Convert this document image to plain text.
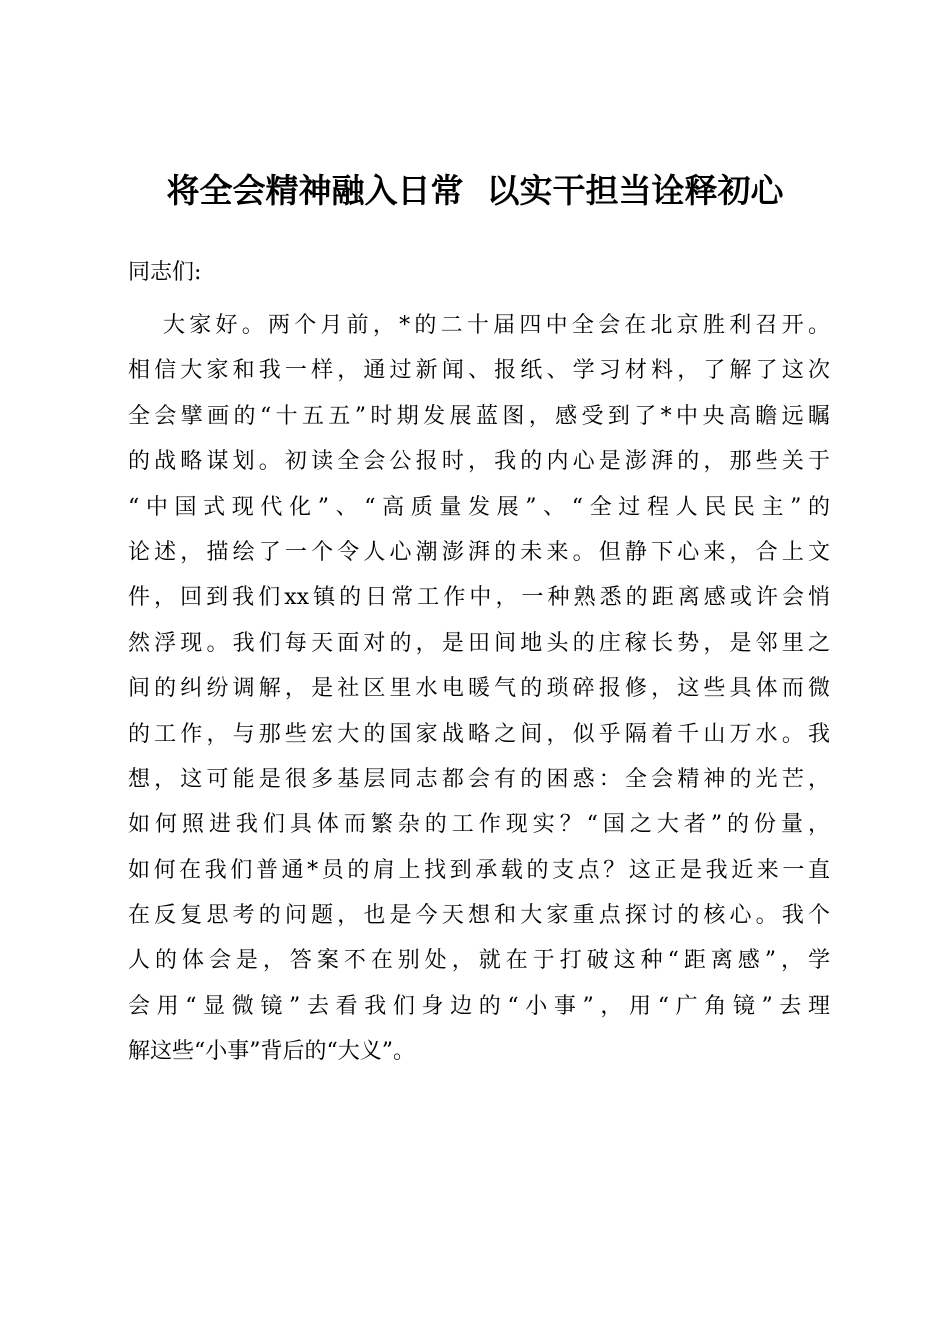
将全会精神融入日常  以实干担当诠释初心
同志们:
大家好。两个月前，*的二十届四中全会在北京胜利召开。
相信大家和我一样，通过新闻、报纸、学习材料，了解了这次
全会擘画的“十五五”时期发展蓝图，感受到了*中央高瞻远瞩
的战略谋划。初读全会公报时，我的内心是澎湃的，那些关于
“中国式现代化”、“高质量发展”、“全过程人民民主”的
论述，描绘了一个令人心潮澎湃的未来。但静下心来，合上文
件，回到我们xx镇的日常工作中，一种熟悉的距离感或许会悄
然浮现。我们每天面对的，是田间地头的庄稼长势，是邻里之
间的纠纷调解，是社区里水电暖气的琐碎报修，这些具体而微
的工作，与那些宏大的国家战略之间，似乎隔着千山万水。我
想，这可能是很多基层同志都会有的困惑：全会精神的光芒，
如何照进我们具体而繁杂的工作现实？“国之大者”的份量，
如何在我们普通*员的肩上找到承载的支点？这正是我近来一直
在反复思考的问题，也是今天想和大家重点探讨的核心。我个
人的体会是，答案不在别处，就在于打破这种“距离感”，学
会用“显微镜”去看我们身边的“小事”，用“广角镜”去理
解这些“小事”背后的“大义”。
